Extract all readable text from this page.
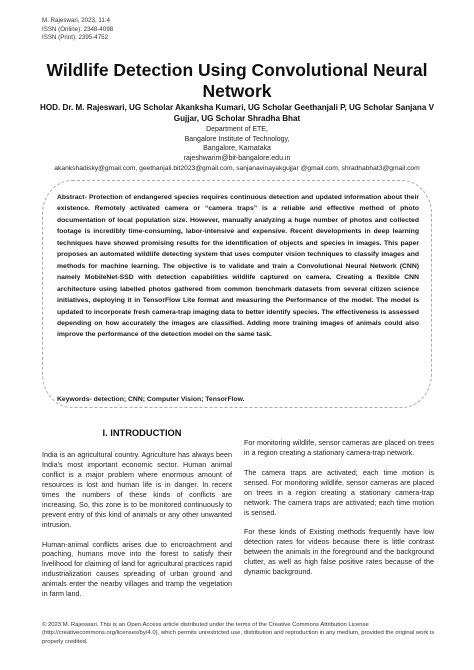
M. Rajeswari, 2023, 11:4
ISSN (Online): 2348-4098
ISSN (Print): 2395-4752
Wildlife Detection Using Convolutional Neural Network
HOD. Dr. M. Rajeswari, UG Scholar Akanksha Kumari, UG Scholar Geethanjali P, UG Scholar Sanjana V Gujjar, UG Scholar Shradha Bhat
Department of ETE,
Bangalore Institute of Technology,
Bangalore, Karnataka
rajeshwarim@bit-bangalore.edu.in
akankshadisky@gmail.com, geethanjali.bit2023@gmail.com, sanjanavinayakgujjar @gmail.com, shradhabhat3@gmail.com
Abstract- Protection of endangered species requires continuous detection and updated information about their existence. Remotely activated camera or “camera traps” is a reliable and effective method of photo documentation of local population size. However, manually analyzing a huge number of photos and collected footage is incredibly time-consuming, labor-intensive and expensive. Recent developments in deep learning techniques have showed promising results for the identification of objects and species in images. This paper proposes an automated wildlife detecting system that uses computer vision techniques to classify images and methods for machine learning. The objective is to validate and train a Convolutional Neural Network (CNN) namely MobileNet-SSD with detection capabilities wildlife captured on camera. Creating a flexible CNN architecture using labelled photos gathered from common benchmark datasets from several citizen science initiatives, deploying it in TensorFlow Lite format and measuring the Performance of the model. The model is updated to incorporate fresh camera-trap imaging data to better identify species. The effectiveness is assessed depending on how accurately the images are classified. Adding more training images of animals could also improve the performance of the detection model on the same task.
Keywords- detection; CNN; Computer Vision; TensorFlow.
I. INTRODUCTION

India is an agricultural country. Agriculture has always been India’s most important economic sector. Human animal conflict is a major problem where enormous amount of resources is lost and human life is in danger. In recent times the numbers of these kinds of conflicts are increasing. So, this zone is to be monitored continuously to prevent entry of this kind of animals or any other unwanted intrusion.

Human-animal conflicts arises due to encroachment and poaching, humans move into the forest to satisfy their livelihood for claiming of land for agricultural practices rapid industrialization causes spreading of urban ground and animals enter the nearby villages and tramp the vegetation in farm land.

For monitoring wildlife, sensor cameras are placed on trees in a region creating a stationary camera-trap network.

The camera traps are activated; each time motion is sensed. For monitoring wildlife, sensor cameras are placed on trees in a region creating a stationary camera-trap network. The camera traps are activated; each time motion is sensed.

For these kinds of Existing methods frequently have low detection rates for videos because there is little contrast between the animals in the foreground and the background clutter, as well as high false positive rates because of the dynamic background.

© 2023 M. Rajeswari. This is an Open Access article distributed under the terms of the Creative Commons Attribution License (http://creativecommons.org/licenses/by/4.0), which permits unrestricted use, distribution and reproduction in any medium, provided the original work is properly credited.
